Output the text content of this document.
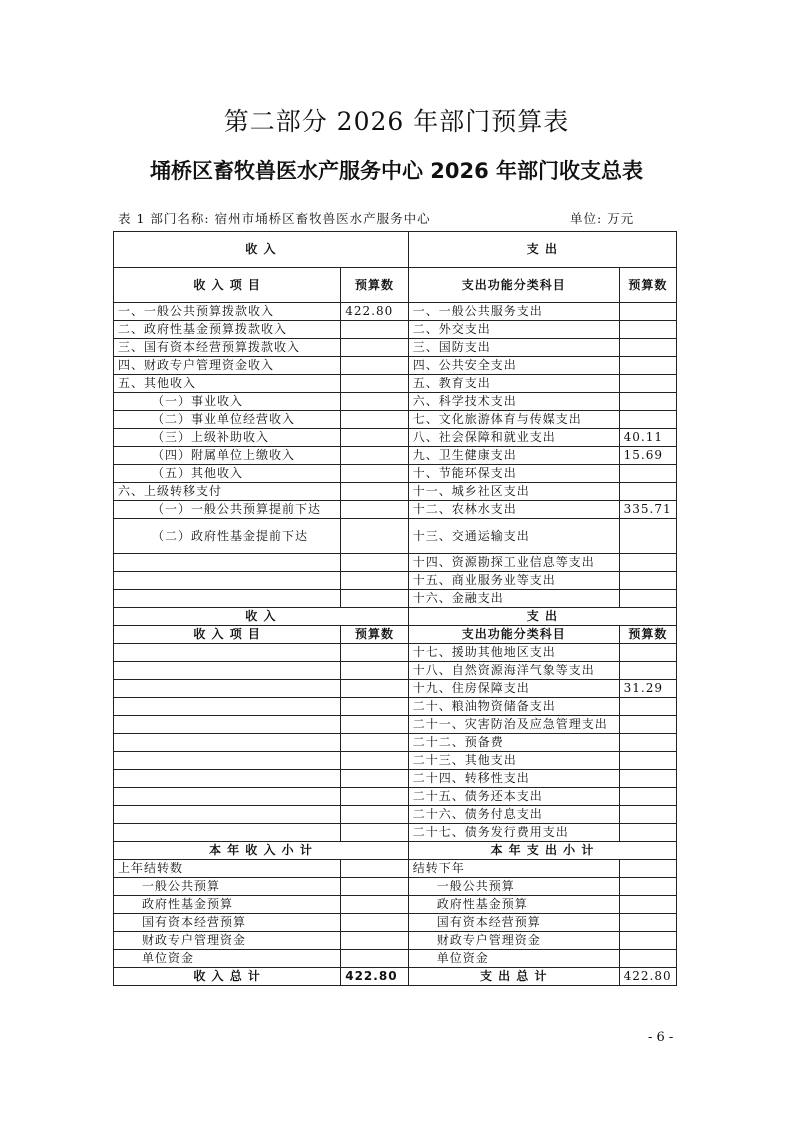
第二部分 2026 年部门预算表
埇桥区畜牧兽医水产服务中心 2026 年部门收支总表
表 1 部门名称: 宿州市埇桥区畜牧兽医水产服务中心	单位: 万元
收 入		支 出	
收 入 项 目	预算数	支出功能分类科目	预算数
一、一般公共预算拨款收入	422.80	一、一般公共服务支出	
二、政府性基金预算拨款收入		二、外交支出	
三、国有资本经营预算拨款收入		三、国防支出	
四、财政专户管理资金收入		四、公共安全支出	
五、其他收入		五、教育支出	
（一）事业收入		六、科学技术支出	
（二）事业单位经营收入		七、文化旅游体育与传媒支出	
（三）上级补助收入		八、社会保障和就业支出	40.11
（四）附属单位上缴收入		九、卫生健康支出	15.69
（五）其他收入		十、节能环保支出	
六、上级转移支付		十一、城乡社区支出	
（一）一般公共预算提前下达		十二、农林水支出	335.71
（二）政府性基金提前下达		十三、交通运输支出	
		十四、资源勘探工业信息等支出	
		十五、商业服务业等支出	
		十六、金融支出	
收 入		支 出	
收 入 项 目	预算数	支出功能分类科目	预算数
		十七、援助其他地区支出	
		十八、自然资源海洋气象等支出	
		十九、住房保障支出	31.29
		二十、粮油物资储备支出	
		二十一、灾害防治及应急管理支出	
		二十二、预备费	
		二十三、其他支出	
		二十四、转移性支出	
		二十五、债务还本支出	
		二十六、债务付息支出	
		二十七、债务发行费用支出	
本 年 收 入 小 计		本 年 支 出 小 计	
上年结转数		结转下年	
一般公共预算		一般公共预算	
政府性基金预算		政府性基金预算	
国有资本经营预算		国有资本经营预算	
财政专户管理资金		财政专户管理资金	
单位资金		单位资金	
收 入 总 计	422.80	支 出 总 计	422.80
- 6 -
